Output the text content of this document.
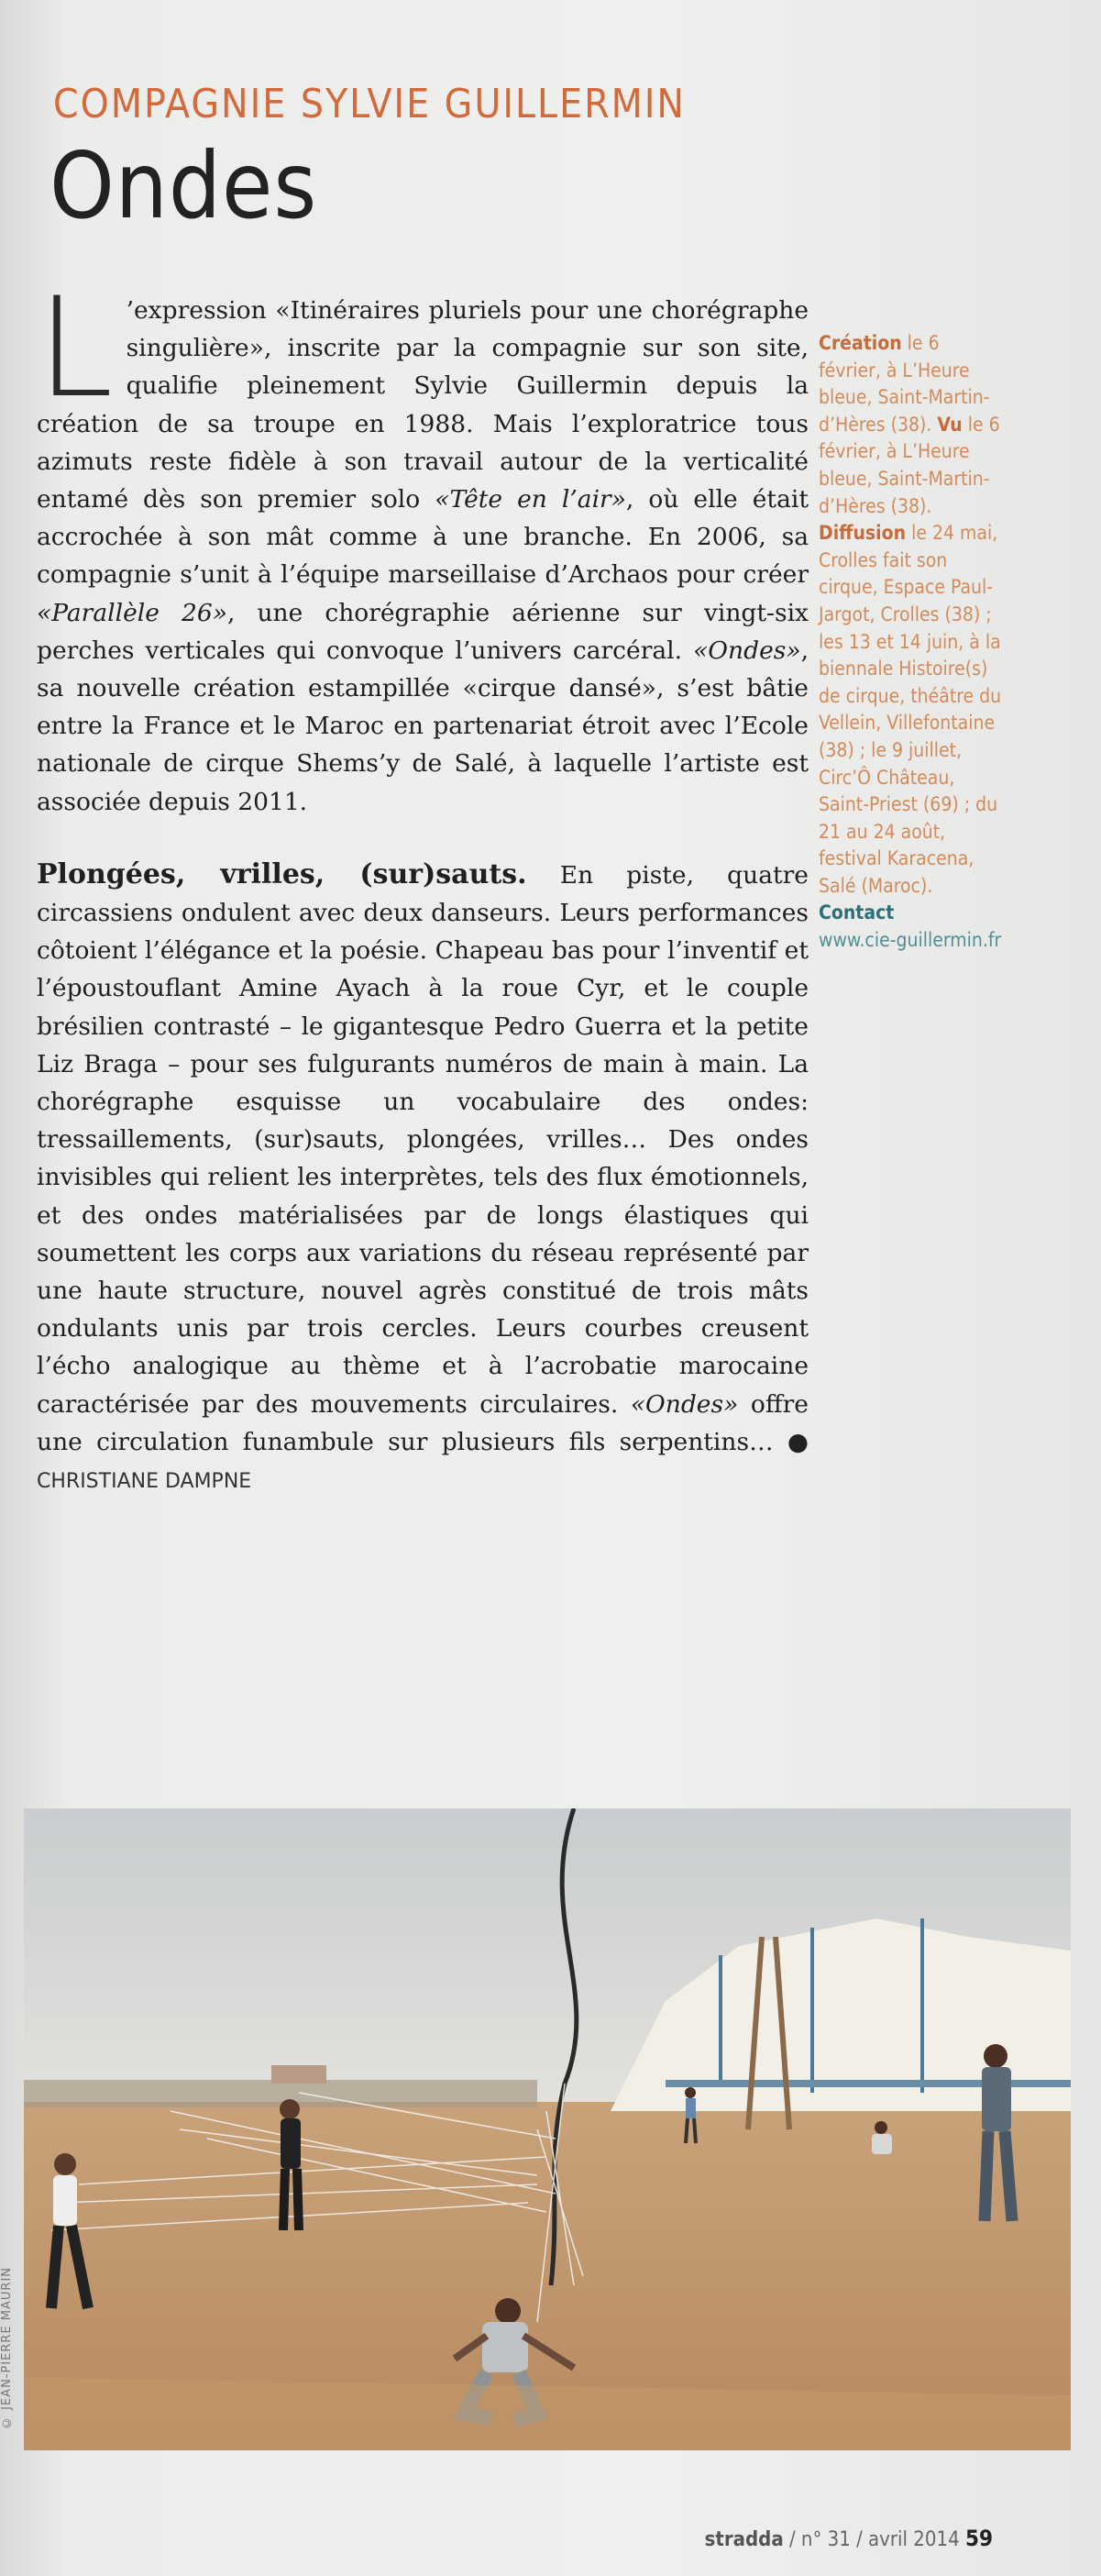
COMPAGNIE SYLVIE GUILLERMIN
Ondes

L ’expression «Itinéraires pluriels pour une chorégraphe singulière», inscrite par la compagnie sur son site, qualifie pleinement Sylvie Guillermin depuis la création de sa troupe en 1988. Mais l’exploratrice tous azimuts reste fidèle à son travail autour de la verticalité entamé dès son premier solo «Tête en l’air», où elle était accrochée à son mât comme à une branche. En 2006, sa compagnie s’unit à l’équipe marseillaise d’Archaos pour créer «Parallèle 26», une chorégraphie aérienne sur vingt-six perches verticales qui convoque l’univers carcéral. «Ondes», sa nouvelle création estampillée «cirque dansé», s’est bâtie entre la France et le Maroc en partenariat étroit avec l’Ecole nationale de cirque Shems’y de Salé, à laquelle l’artiste est associée depuis 2011.

Plongées, vrilles, (sur)sauts. En piste, quatre circassiens ondulent avec deux danseurs. Leurs performances côtoient l’élégance et la poésie. Chapeau bas pour l’inventif et l’époustouflant Amine Ayach à la roue Cyr, et le couple brésilien contrasté – le gigantesque Pedro Guerra et la petite Liz Braga – pour ses fulgurants numéros de main à main. La chorégraphe esquisse un vocabulaire des ondes: tressaillements, (sur)sauts, plongées, vrilles… Des ondes invisibles qui relient les interprètes, tels des flux émotionnels, et des ondes matérialisées par de longs élastiques qui soumettent les corps aux variations du réseau représenté par une haute structure, nouvel agrès constitué de trois mâts ondulants unis par trois cercles. Leurs courbes creusent l’écho analogique au thème et à l’acrobatie marocaine caractérisée par des mouvements circulaires. «Ondes» offre une circulation funambule sur plusieurs fils serpentins… ● CHRISTIANE DAMPNE

Création le 6 février, à L’Heure bleue, Saint-Martin-d’Hères (38). Vu le 6 février, à L’Heure bleue, Saint-Martin-d’Hères (38). Diffusion le 24 mai, Crolles fait son cirque, Espace Paul-Jargot, Crolles (38) ; les 13 et 14 juin, à la biennale Histoire(s) de cirque, théâtre du Vellein, Villefontaine (38) ; le 9 juillet, Circ’Ô Château, Saint-Priest (69) ; du 21 au 24 août, festival Karacena, Salé (Maroc).
Contact
www.cie-guillermin.fr
© JEAN-PIERRE MAURIN
stradda / n° 31 / avril 2014 59
